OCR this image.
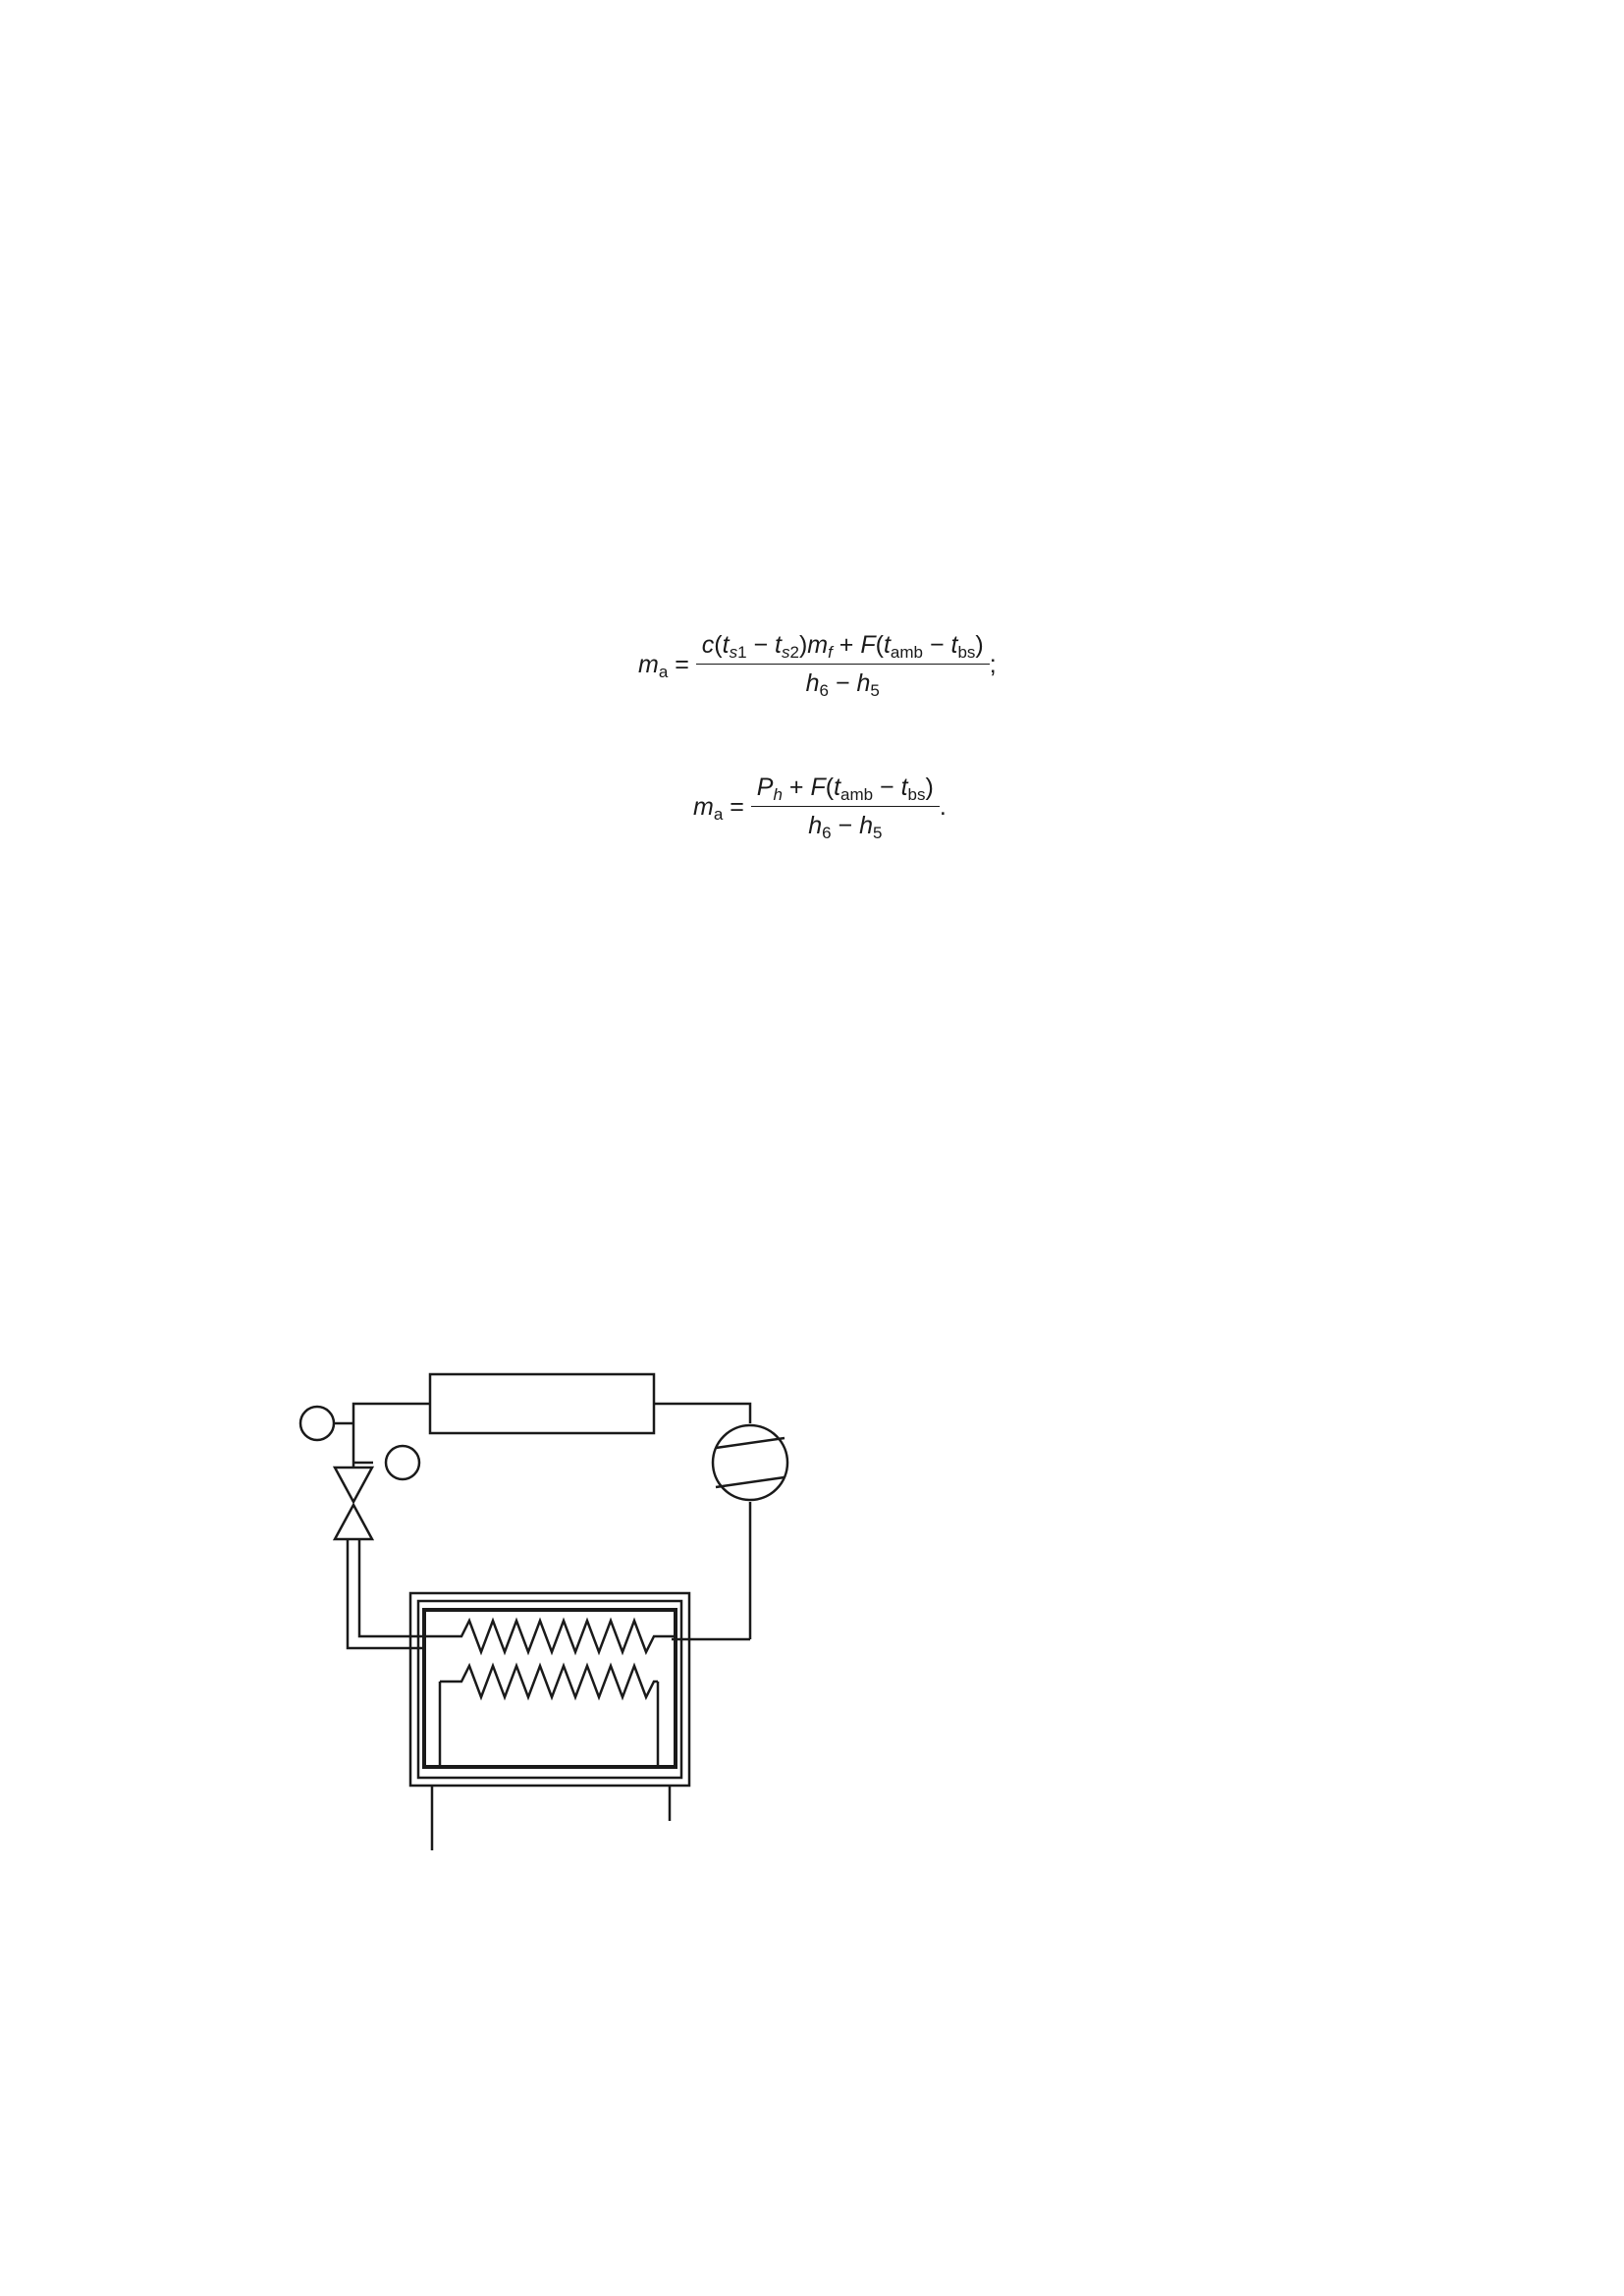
$m_a = \frac{c(t_{s1} - t_{s2})m_f + F(t_{amb} - t_{bs})}{h_6 - h_5}$ ;

$m_a = \frac{P_h + F(t_{amb} - t_{bs})}{h_6 - h_5}$ .
